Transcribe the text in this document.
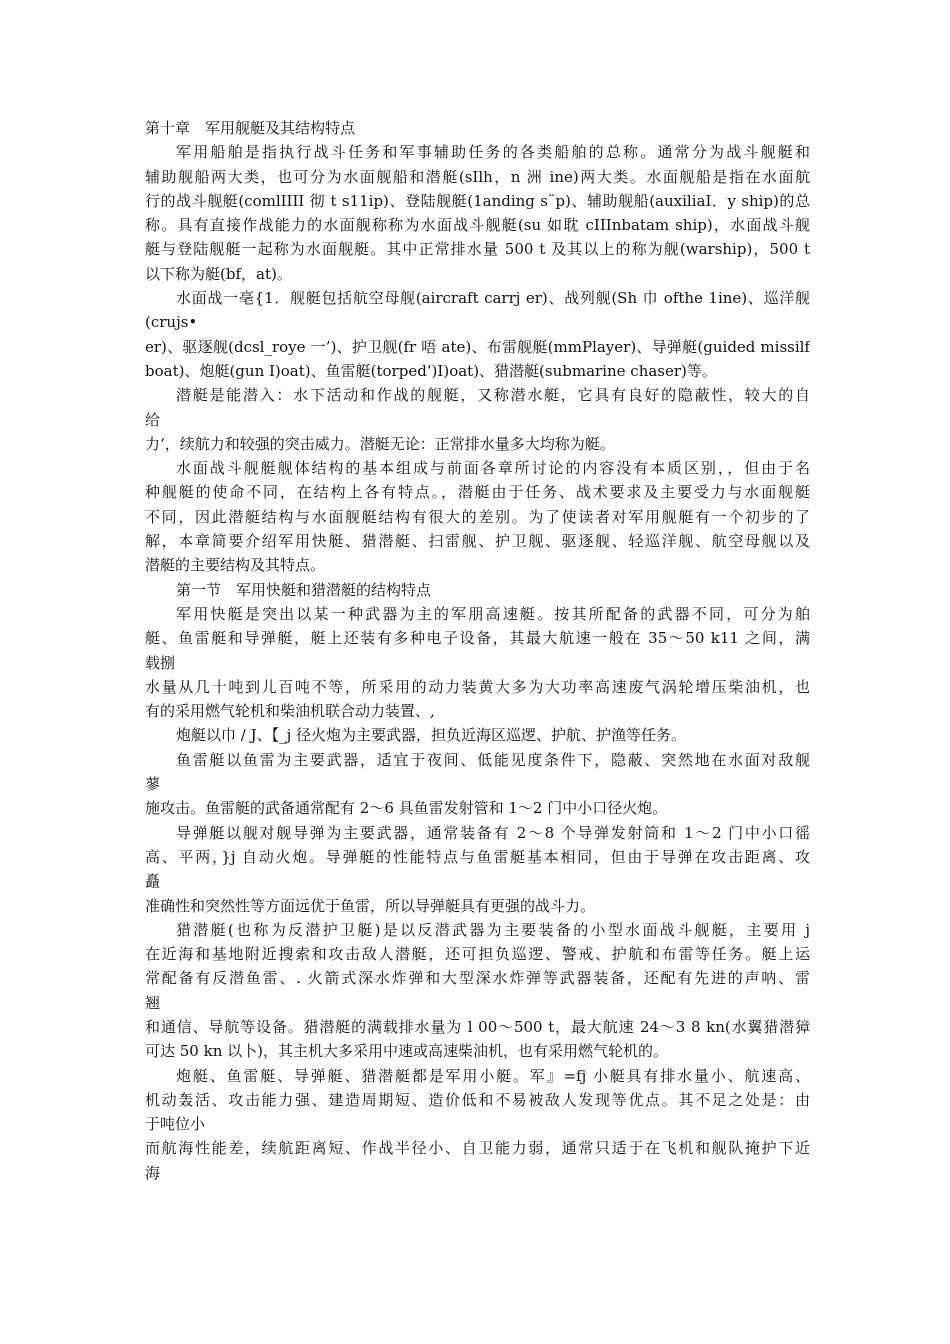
第十章　军用舰艇及其结构特点
军用船舶是指执行战斗任务和军事辅助任务的各类船舶的总称。通常分为战斗舰艇和
辅助舰船两大类，也可分为水面舰船和潜艇(sIlh，n 洲 ine)两大类。水面舰船是指在水面航
行的战斗舰艇(comlIIII 彻 t s11ip)、登陆舰艇(1anding s¨p)、辅助舰船(auxiliaI．y ship)的总
称。具有直接作战能力的水面舰称称为水面战斗舰艇(su 如耽 cIIInbatam ship)，水面战斗舰
艇与登陆舰艇一起称为水面舰艇。其中正常排水量 500 t 及其以上的称为舰(warship)，500 t
以下称为艇(bf，at)。
水面战一亳{1．舰艇包括航空母舰(aircraft carrj er)、战列舰(Sh 巾 ofthe 1ine)、巡洋舰
(crujs•
er)、驱逐舰(dcsl_roye 一’)、护卫舰(fr 唔 ate)、布雷舰艇(mmPlayer)、导弹艇(guided missilf
boat)、炮艇(gun I)oat)、鱼雷艇(torped‘)I)oat)、猎潜艇(submarine chaser)等。
潜艇是能潜入：水下活动和作战的舰艇，又称潜水艇，它具有良好的隐蔽性，较大的自
给
力‘，续航力和较强的突击威力。潜艇无论：正常排水量多大均称为艇。
水面战斗舰艇舰体结构的基本组成与前面各章所讨论的内容没有本质区别，，但由于名
种舰艇的使命不同，在结构上各有特点。，潜艇由于任务、战术要求及主要受力与水面舰艇
不同，因此潜艇结构与水面舰艇结构有很大的差别。为了使读者对军用舰艇有一个初步的了
解，本章简要介绍军用快艇、猎潜艇、扫雷舰、护卫舰、驱逐舰、轻巡洋舰、航空母舰以及
潜艇的主要结构及其特点。
第一节　军用快艇和猎潜艇的结构特点
军用快艇是突出以某一种武器为主的军朋高速艇。按其所配备的武器不同，可分为舶
艇、鱼雷艇和导弹艇，艇上还装有多种电子设备，其最大航速一般在 35～50 k11 之间，满
载捌
水量从几十吨到儿百吨不等，所采用的动力装黄大多为大功率高速废气涡轮增压柴油机，也
有的采用燃气轮机和柴油机联合动力装置、,
炮艇以巾 / J、【_j 径火炮为主要武器，担负近海区巡逻、护航、护渔等任务。
鱼雷艇以鱼雷为主要武器，适宜于夜间、低能见度条件下，隐蔽、突然地在水面对敌舰
蓼
施攻击。鱼雷艇的武备通常配有 2～6 具鱼雷发射管和 1～2 门中小口径火炮。
导弹艇以舰对舰导弹为主要武器，通常装备有 2～8 个导弹发射筒和 1～2 门中小口徭
高、平两，}j 自动火炮。导弹艇的性能特点与鱼雷艇基本相同，但由于导弹在攻击距离、攻
矗
准确性和突然性等方面远优于鱼雷，所以导弹艇具有更强的战斗力。
猎潜艇(也称为反潜护卫艇)是以反潜武器为主要装备的小型水面战斗舰艇，主要用 j
在近海和基地附近搜索和攻击敌人潜艇，还可担负巡逻、警戒、护航和布雷等任务。艇上运
常配备有反潜鱼雷、. 火箭式深水炸弹和大型深水炸弹等武器装备，还配有先进的声呐、雷
翘
和通信、导航等设备。猎潜艇的满载排水量为 l 00～500 t，最大航速 24～3 8 kn(水翼猎潜獐
可达 50 kn 以卜)，其主机大多采用中速或高速柴油机，也有采用燃气轮机的。
炮艇、鱼雷艇、导弹艇、猎潜艇都是军用小艇。军』=fj 小艇具有排水量小、航速高、
机动轰活、攻击能力强、建造周期短、造价低和不易被敌人发现等优点。其不足之处是：由
于吨位小
而航海性能差，续航距离短、作战半径小、自卫能力弱，通常只适于在飞机和舰队掩护下近
海
